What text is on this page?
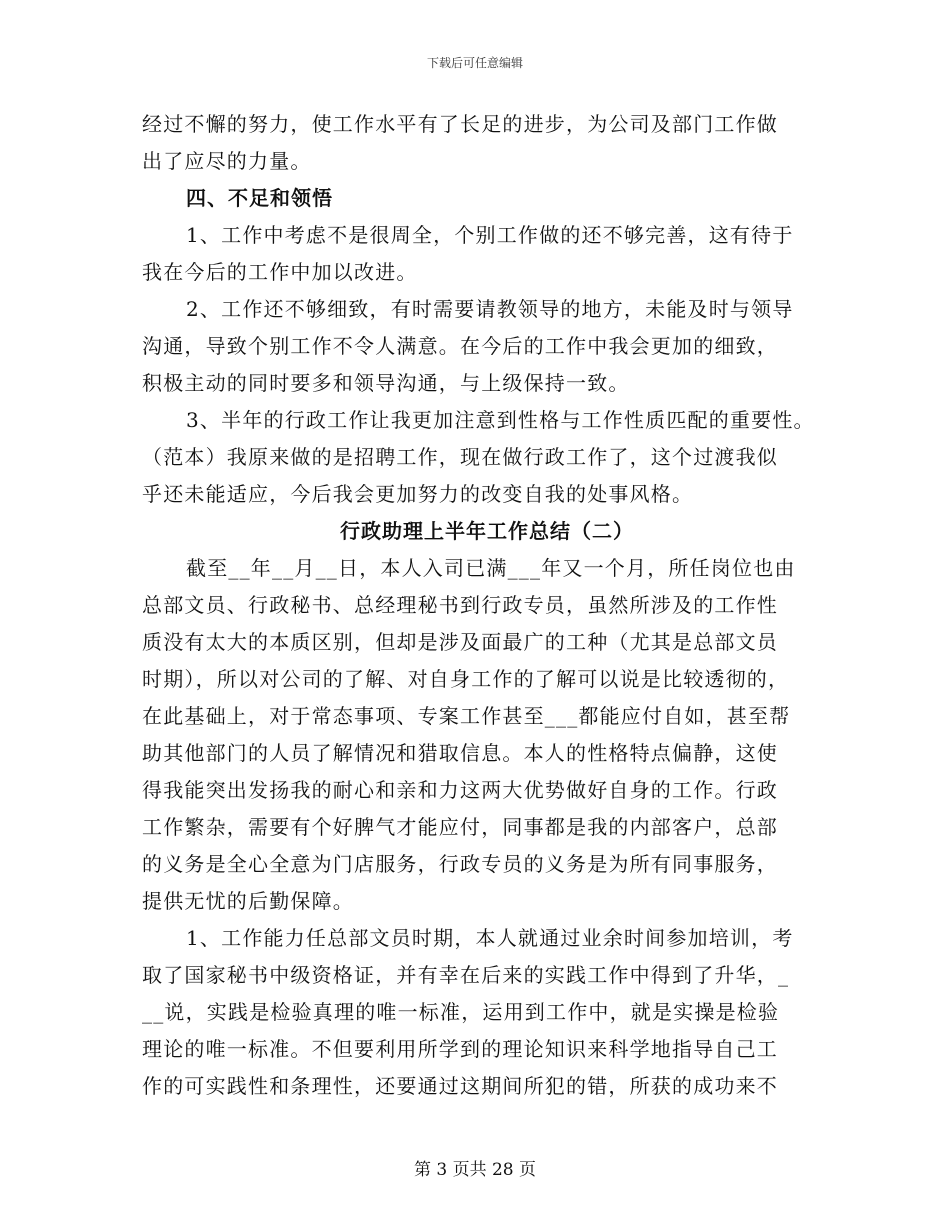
下载后可任意编辑
经过不懈的努力，使工作水平有了长足的进步，为公司及部门工作做
出了应尽的力量。
四、不足和领悟
1、工作中考虑不是很周全，个别工作做的还不够完善，这有待于
我在今后的工作中加以改进。
2、工作还不够细致，有时需要请教领导的地方，未能及时与领导
沟通，导致个别工作不令人满意。在今后的工作中我会更加的细致，
积极主动的同时要多和领导沟通，与上级保持一致。
3、半年的行政工作让我更加注意到性格与工作性质匹配的重要性。
（范本）我原来做的是招聘工作，现在做行政工作了，这个过渡我似
乎还未能适应，今后我会更加努力的改变自我的处事风格。
行政助理上半年工作总结（二）
截至__年__月__日，本人入司已满___年又一个月，所任岗位也由
总部文员、行政秘书、总经理秘书到行政专员，虽然所涉及的工作性
质没有太大的本质区别，但却是涉及面最广的工种（尤其是总部文员
时期），所以对公司的了解、对自身工作的了解可以说是比较透彻的，
在此基础上，对于常态事项、专案工作甚至___都能应付自如，甚至帮
助其他部门的人员了解情况和猎取信息。本人的性格特点偏静，这使
得我能突出发扬我的耐心和亲和力这两大优势做好自身的工作。行政
工作繁杂，需要有个好脾气才能应付，同事都是我的内部客户，总部
的义务是全心全意为门店服务，行政专员的义务是为所有同事服务，
提供无忧的后勤保障。
1、工作能力任总部文员时期，本人就通过业余时间参加培训，考
取了国家秘书中级资格证，并有幸在后来的实践工作中得到了升华，_
__说，实践是检验真理的唯一标准，运用到工作中，就是实操是检验
理论的唯一标准。不但要利用所学到的理论知识来科学地指导自己工
作的可实践性和条理性，还要通过这期间所犯的错，所获的成功来不
第 3 页共 28 页
